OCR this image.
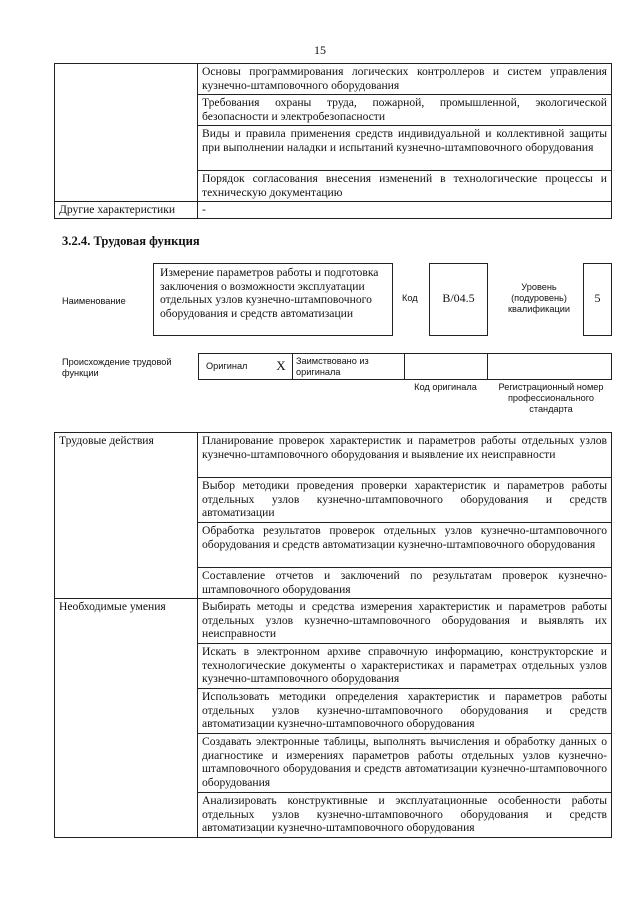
15
	Основы программирования логических контроллеров и систем управления кузнечно-штамповочного оборудования
	Требования охраны труда, пожарной, промышленной, экологической безопасности и электробезопасности
	Виды и правила применения средств индивидуальной и коллективной защиты при выполнении наладки и испытаний кузнечно-штамповочного оборудования
	Порядок согласования внесения изменений в технологические процессы и техническую документацию
Другие характеристики	-
3.2.4. Трудовая функция
Наименование
Измерение параметров работы и подготовка заключения о возможности эксплуатации отдельных узлов кузнечно-штамповочного оборудования и средств автоматизации
Код	B/04.5
Уровень (подуровень) квалификации
5
Происхождение трудовой функции
Оригинал	X	Заимствовано из оригинала
Код оригинала	Регистрационный номер профессионального стандарта
Трудовые действия	Планирование проверок характеристик и параметров работы отдельных узлов кузнечно-штамповочного оборудования и выявление их неисправности
	Выбор методики проведения проверки характеристик и параметров работы отдельных узлов кузнечно-штамповочного оборудования и средств автоматизации
	Обработка результатов проверок отдельных узлов кузнечно-штамповочного оборудования и средств автоматизации кузнечно-штамповочного оборудования
	Составление отчетов и заключений по результатам проверок кузнечно-штамповочного оборудования
Необходимые умения	Выбирать методы и средства измерения характеристик и параметров работы отдельных узлов кузнечно-штамповочного оборудования и выявлять их неисправности
	Искать в электронном архиве справочную информацию, конструкторские и технологические документы о характеристиках и параметрах отдельных узлов кузнечно-штамповочного оборудования
	Использовать методики определения характеристик и параметров работы отдельных узлов кузнечно-штамповочного оборудования и средств автоматизации кузнечно-штамповочного оборудования
	Создавать электронные таблицы, выполнять вычисления и обработку данных о диагностике и измерениях параметров работы отдельных узлов кузнечно-штамповочного оборудования и средств автоматизации кузнечно-штамповочного оборудования
	Анализировать конструктивные и эксплуатационные особенности работы отдельных узлов кузнечно-штамповочного оборудования и средств автоматизации кузнечно-штамповочного оборудования
